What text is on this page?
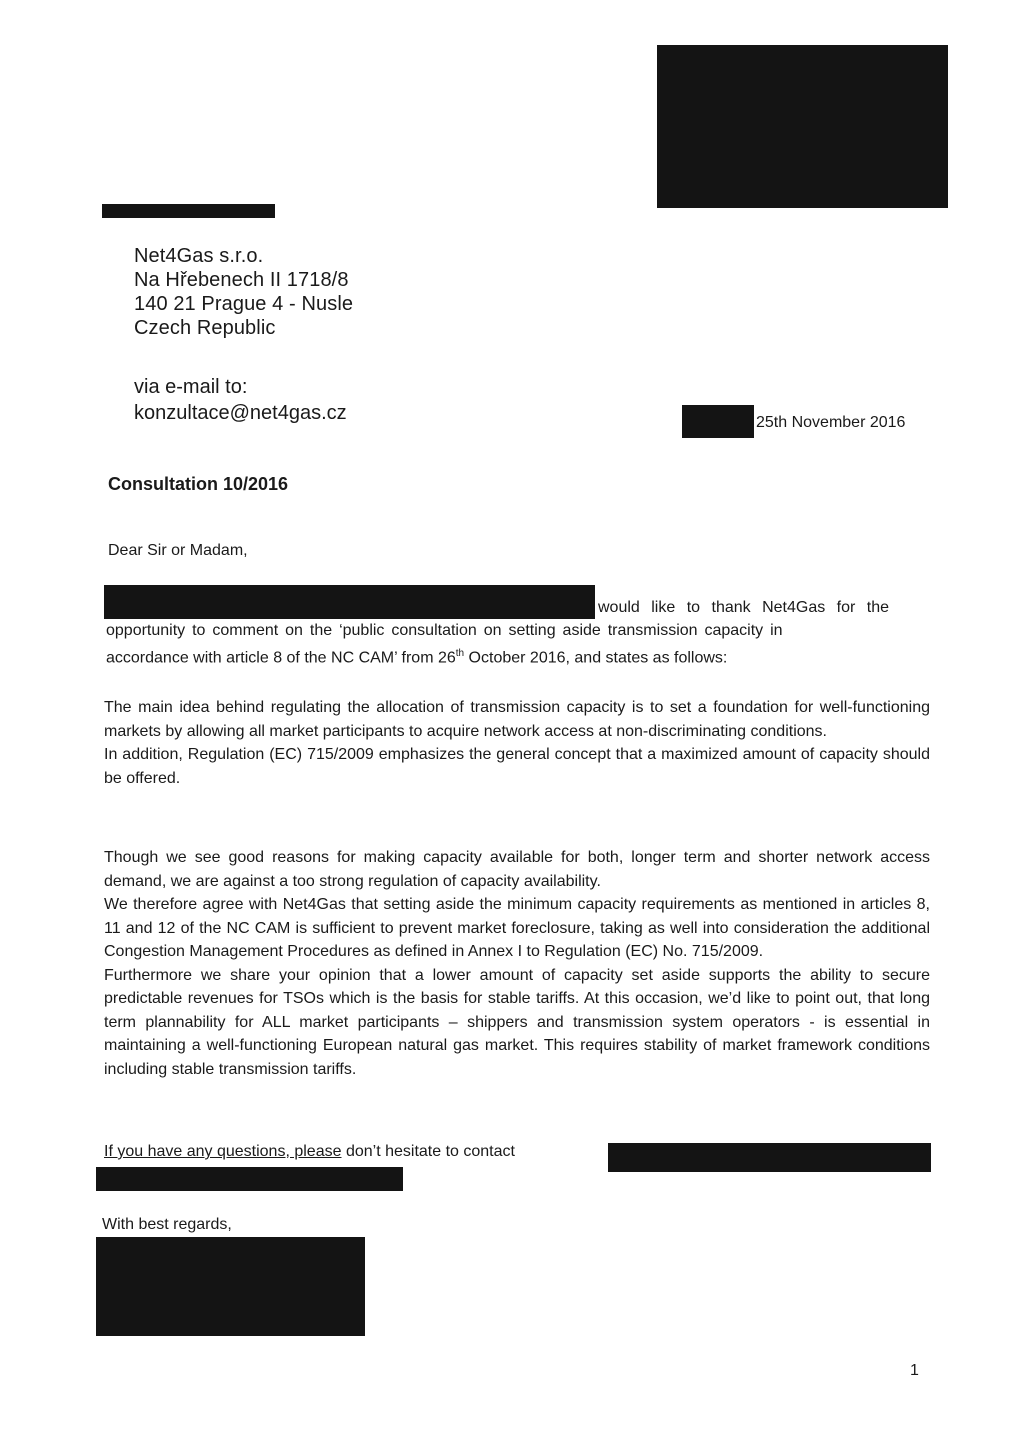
Net4Gas s.r.o.
Na Hřebenech II 1718/8
140 21 Prague 4 - Nusle
Czech Republic
via e-mail to:
konzultace@net4gas.cz	25th November 2016
Consultation 10/2016
Dear Sir or Madam,
would like to thank Net4Gas for the
opportunity to comment on the ‘public consultation on setting aside transmission capacity in
accordance with article 8 of the NC CAM’ from 26th October 2016, and states as follows:

The main idea behind regulating the allocation of transmission capacity is to set a foundation for well-functioning markets by allowing all market participants to acquire network access at non-discriminating conditions.

In addition, Regulation (EC) 715/2009 emphasizes the general concept that a maximized amount of capacity should be offered.

Though we see good reasons for making capacity available for both, longer term and shorter network access demand, we are against a too strong regulation of capacity availability.

We therefore agree with Net4Gas that setting aside the minimum capacity requirements as mentioned in articles 8, 11 and 12 of the NC CAM is sufficient to prevent market foreclosure, taking as well into consideration the additional Congestion Management Procedures as defined in Annex I to Regulation (EC) No. 715/2009.

Furthermore we share your opinion that a lower amount of capacity set aside supports the ability to secure predictable revenues for TSOs which is the basis for stable tariffs. At this occasion, we’d like to point out, that long term plannability for ALL market participants – shippers and transmission system operators - is essential in maintaining a well-functioning European natural gas market. This requires stability of market framework conditions including stable transmission tariffs.

If you have any questions, please don’t hesitate to contact
With best regards,
1
